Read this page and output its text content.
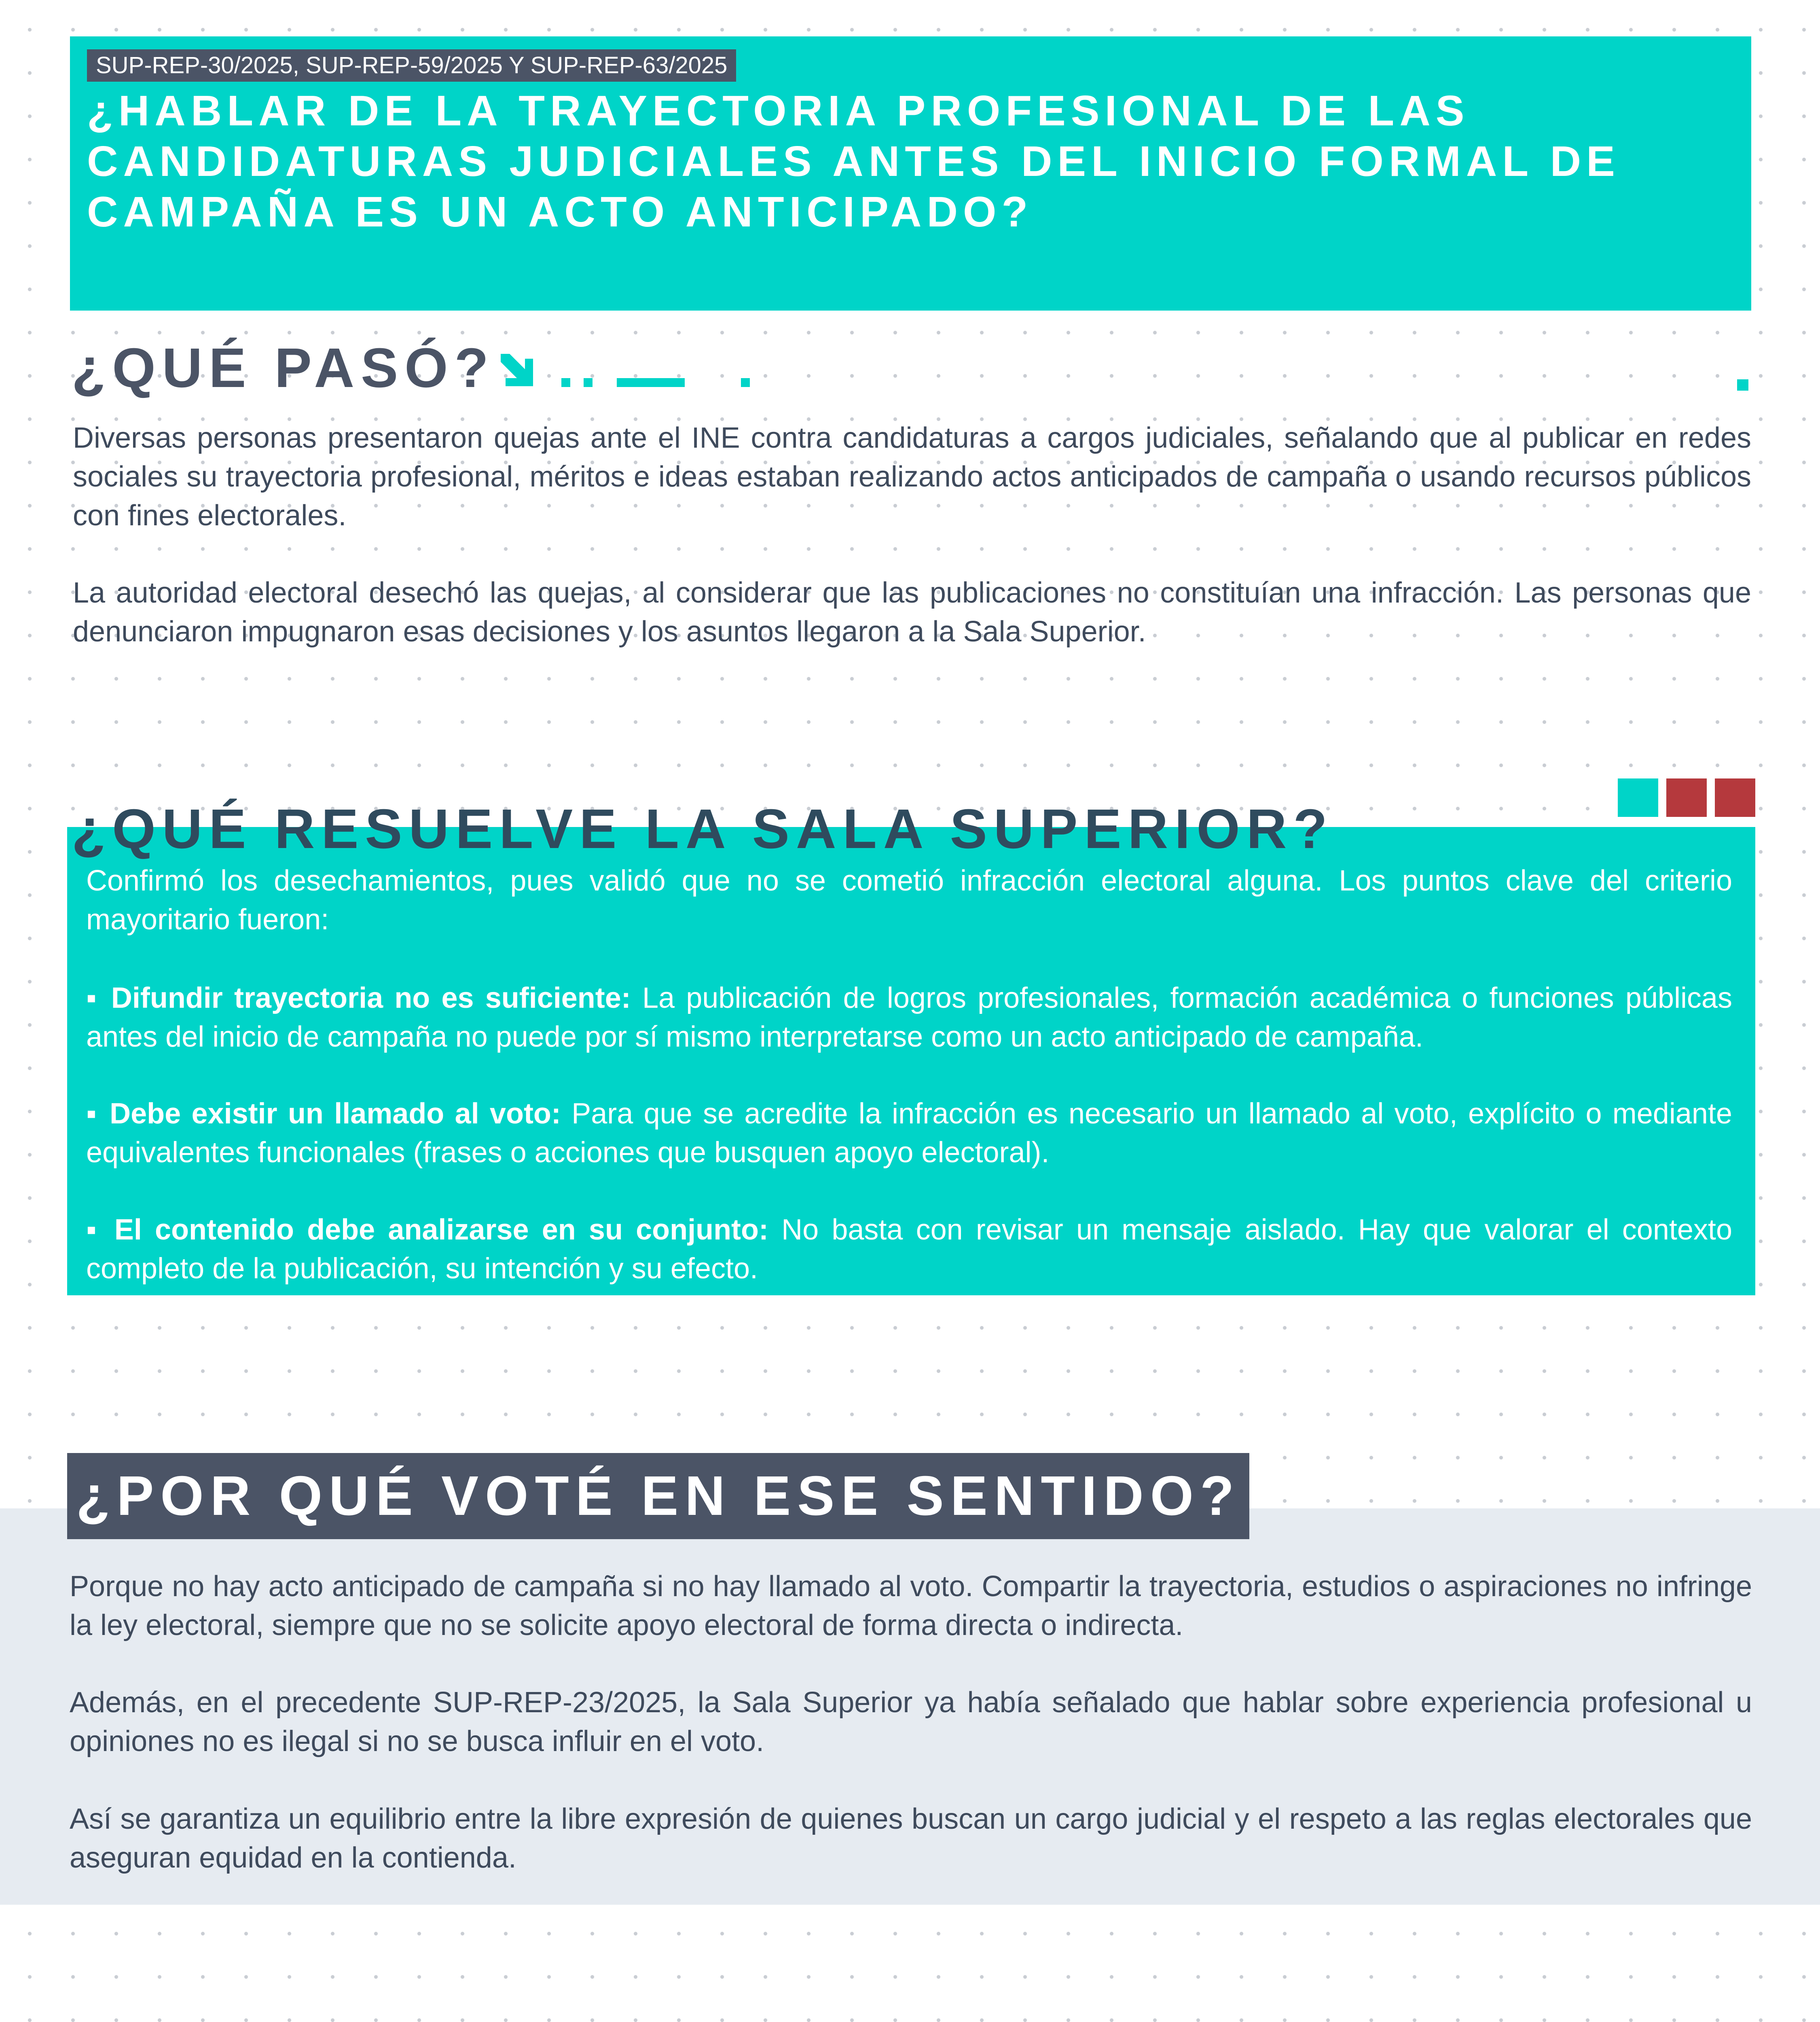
SUP-REP-30/2025, SUP-REP-59/2025 Y SUP-REP-63/2025
¿HABLAR DE LA TRAYECTORIA PROFESIONAL DE LAS CANDIDATURAS JUDICIALES ANTES DEL INICIO FORMAL DE CAMPAÑA ES UN ACTO ANTICIPADO?
¿QUÉ PASÓ?

Diversas personas presentaron quejas ante el INE contra candidaturas a cargos judiciales, señalando que al publicar en redes sociales su trayectoria profesional, méritos e ideas estaban realizando actos anticipados de campaña o usando recursos públicos con fines electorales.

La autoridad electoral desechó las quejas, al considerar que las publicaciones no constituían una infracción. Las personas que denunciaron impugnaron esas decisiones y los asuntos llegaron a la Sala Superior.

¿QUÉ RESUELVE LA SALA SUPERIOR?

Confirmó los desechamientos, pues validó que no se cometió infracción electoral alguna. Los puntos clave del criterio mayoritario fueron:

▪ Difundir trayectoria no es suficiente: La publicación de logros profesionales, formación académica o funciones públicas antes del inicio de campaña no puede por sí mismo interpretarse como un acto anticipado de campaña.

▪ Debe existir un llamado al voto: Para que se acredite la infracción es necesario un llamado al voto, explícito o mediante equivalentes funcionales (frases o acciones que busquen apoyo electoral).

▪ El contenido debe analizarse en su conjunto: No basta con revisar un mensaje aislado. Hay que valorar el contexto completo de la publicación, su intención y su efecto.

¿POR QUÉ VOTÉ EN ESE SENTIDO?

Porque no hay acto anticipado de campaña si no hay llamado al voto. Compartir la trayectoria, estudios o aspiraciones no infringe la ley electoral, siempre que no se solicite apoyo electoral de forma directa o indirecta.

Además, en el precedente SUP-REP-23/2025, la Sala Superior ya había señalado que hablar sobre experiencia profesional u opiniones no es ilegal si no se busca influir en el voto.

Así se garantiza un equilibrio entre la libre expresión de quienes buscan un cargo judicial y el respeto a las reglas electorales que aseguran equidad en la contienda.
